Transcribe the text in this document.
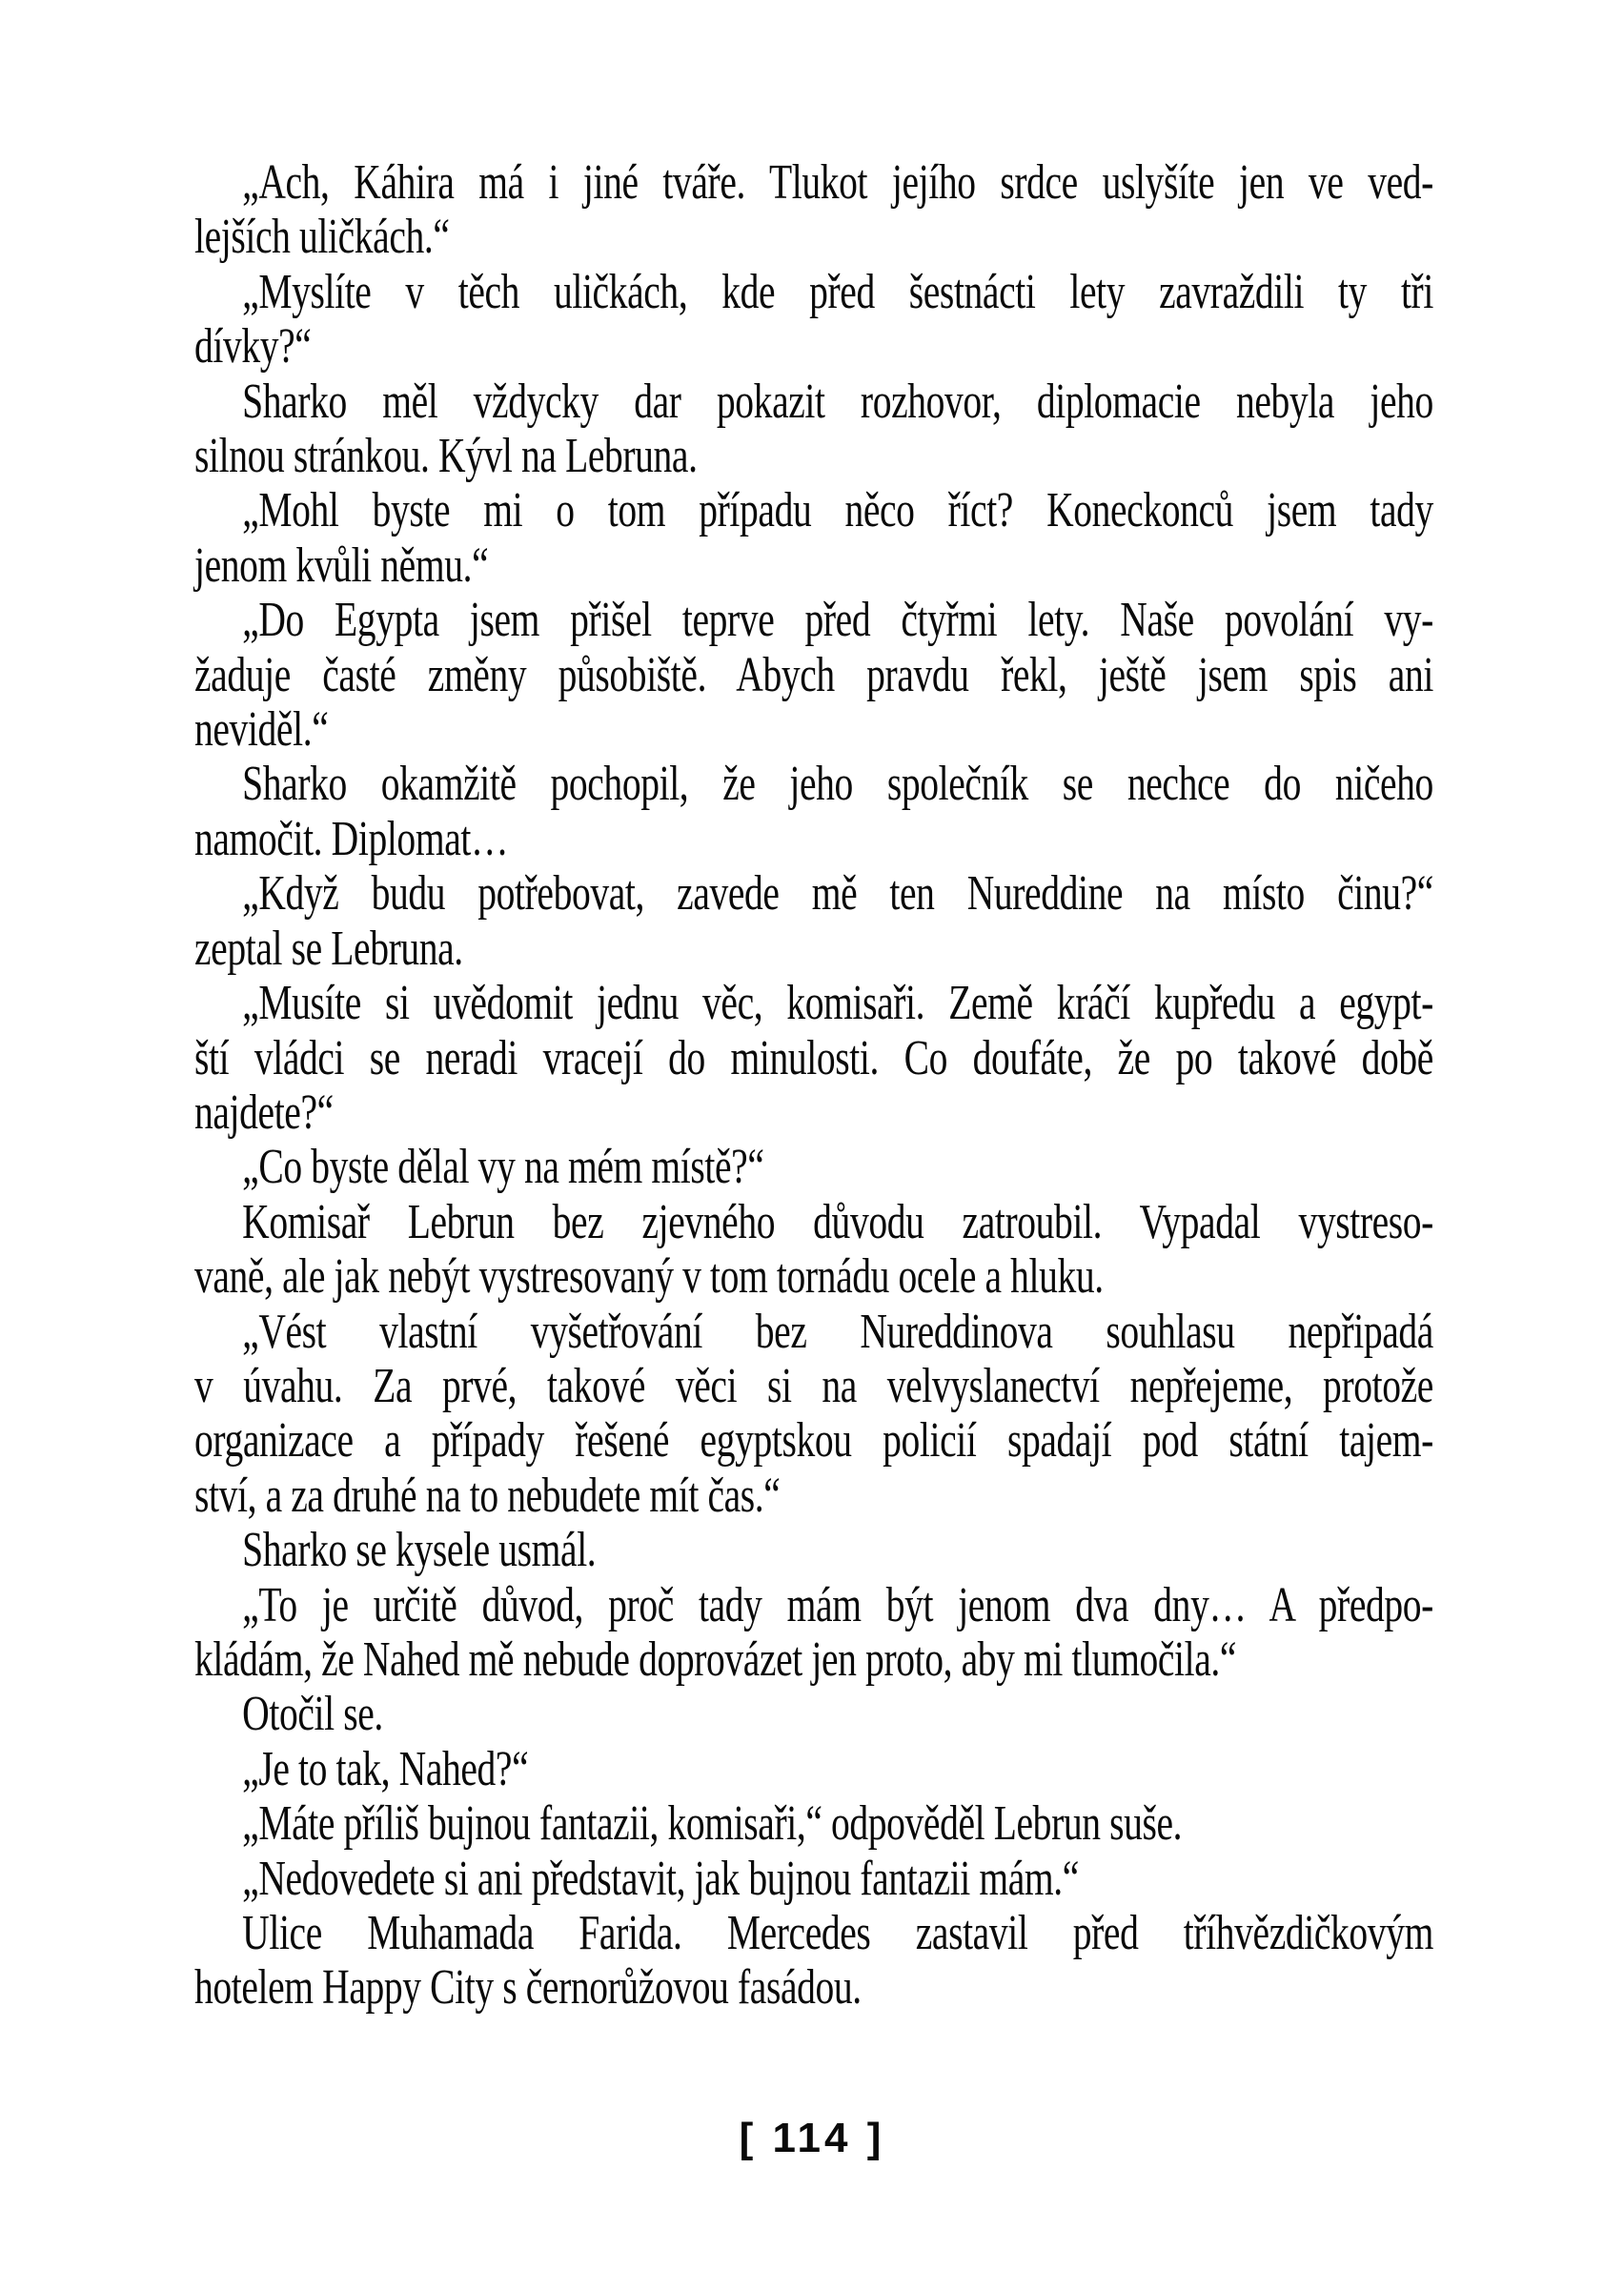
„Ach, Káhira má i jiné tváře. Tlukot jejího srdce uslyšíte jen ve ved-
lejších uličkách.“
„Myslíte v těch uličkách, kde před šestnácti lety zavraždili ty tři
dívky?“
Sharko měl vždycky dar pokazit rozhovor, diplomacie nebyla jeho
silnou stránkou. Kývl na Lebruna.
„Mohl byste mi o tom případu něco říct? Koneckonců jsem tady
jenom kvůli němu.“
„Do Egypta jsem přišel teprve před čtyřmi lety. Naše povolání vy-
žaduje časté změny působiště. Abych pravdu řekl, ještě jsem spis ani
neviděl.“
Sharko okamžitě pochopil, že jeho společník se nechce do ničeho
namočit. Diplomat…
„Když budu potřebovat, zavede mě ten Nureddine na místo činu?“
zeptal se Lebruna.
„Musíte si uvědomit jednu věc, komisaři. Země kráčí kupředu a egypt-
ští vládci se neradi vracejí do minulosti. Co doufáte, že po takové době
najdete?“
„Co byste dělal vy na mém místě?“
Komisař Lebrun bez zjevného důvodu zatroubil. Vypadal vystreso-
vaně, ale jak nebýt vystresovaný v tom tornádu ocele a hluku.
„Vést vlastní vyšetřování bez Nureddinova souhlasu nepřipadá
v úvahu. Za prvé, takové věci si na velvyslanectví nepřejeme, protože
organizace a případy řešené egyptskou policií spadají pod státní tajem-
ství, a za druhé na to nebudete mít čas.“
Sharko se kysele usmál.
„To je určitě důvod, proč tady mám být jenom dva dny… A předpo-
kládám, že Nahed mě nebude doprovázet jen proto, aby mi tlumočila.“
Otočil se.
„Je to tak, Nahed?“
„Máte příliš bujnou fantazii, komisaři,“ odpověděl Lebrun suše.
„Nedovedete si ani představit, jak bujnou fantazii mám.“
Ulice Muhamada Farida. Mercedes zastavil před tříhvězdičkovým
hotelem Happy City s černorůžovou fasádou.
[ 114 ]
